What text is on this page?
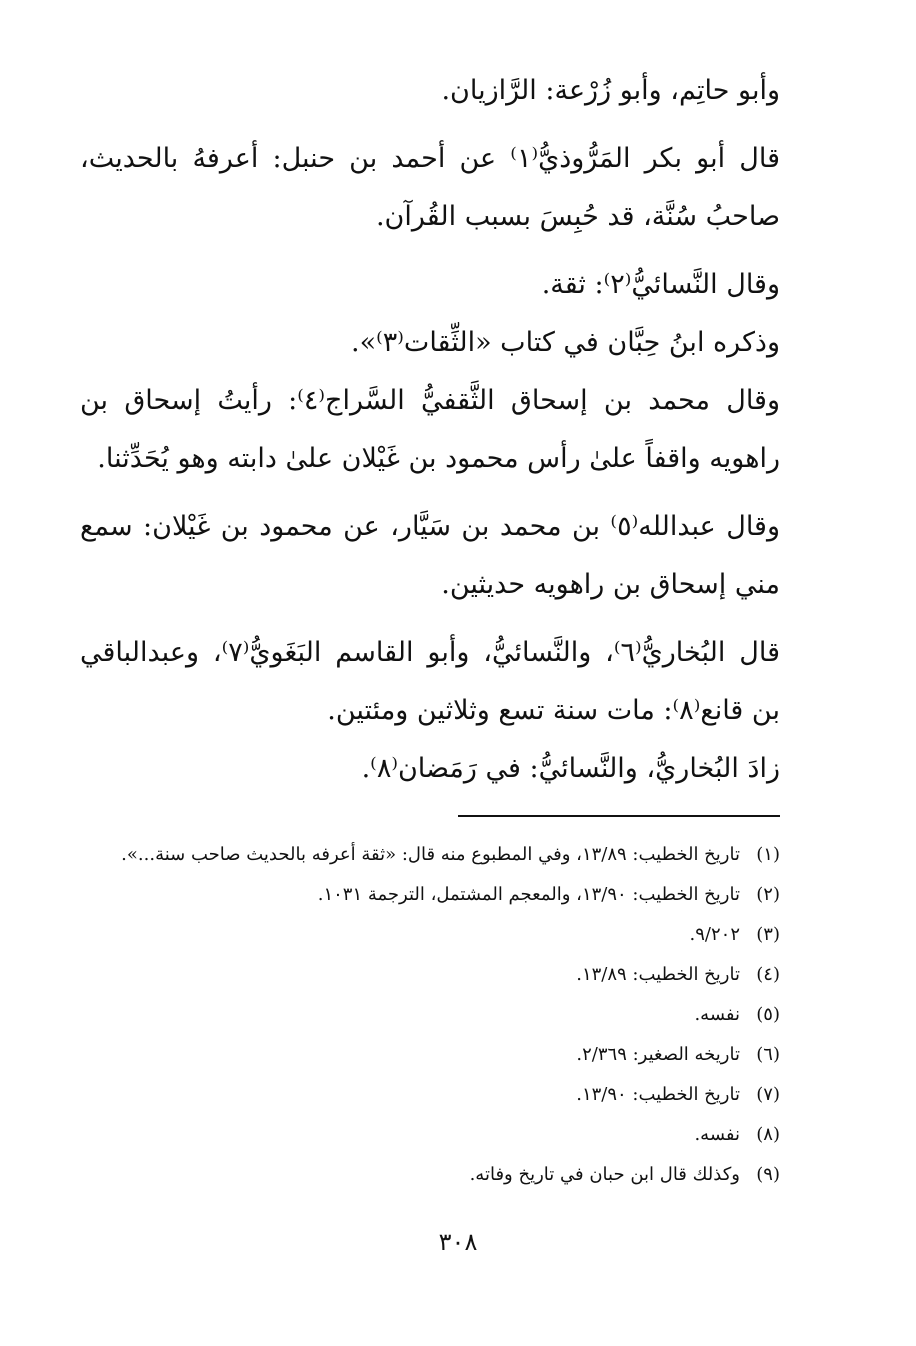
وأبو حاتِم، وأبو زُرْعة: الرَّازيان.

قال أبو بكر المَرُّوذيُّ⁽١⁾ عن أحمد بن حنبل: أعرفهُ بالحديث، صاحبُ سُنَّة، قد حُبِسَ بسبب القُرآن.

وقال النَّسائيُّ⁽٢⁾: ثقة.

وذكره ابنُ حِبَّان في كتاب «الثِّقات⁽٣⁾».

وقال محمد بن إسحاق الثَّقفيُّ السَّراج⁽٤⁾: رأيتُ إسحاق بن راهويه واقفاً علىٰ رأس محمود بن غَيْلان علىٰ دابته وهو يُحَدِّثنا.

وقال عبدالله⁽٥⁾ بن محمد بن سَيَّار، عن محمود بن غَيْلان: سمع مني إسحاق بن راهويه حديثين.

قال البُخاريُّ⁽٦⁾، والنَّسائيُّ، وأبو القاسم البَغَويُّ⁽٧⁾، وعبدالباقي بن قانع⁽٨⁾: مات سنة تسع وثلاثين ومئتين.

زادَ البُخاريُّ، والنَّسائيُّ: في رَمَضان⁽٨⁾.

(١)
تاريخ الخطيب: ١٣/٨٩، وفي المطبوع منه قال: «ثقة أعرفه بالحديث صاحب سنة...».
(٢)
تاريخ الخطيب: ١٣/٩٠، والمعجم المشتمل، الترجمة ١٠٣١.
(٣)
٩/٢٠٢.
(٤)
تاريخ الخطيب: ١٣/٨٩.
(٥)
نفسه.
(٦)
تاريخه الصغير: ٢/٣٦٩.
(٧)
تاريخ الخطيب: ١٣/٩٠.
(٨)
نفسه.
(٩)
وكذلك قال ابن حبان في تاريخ وفاته.
٣٠٨
